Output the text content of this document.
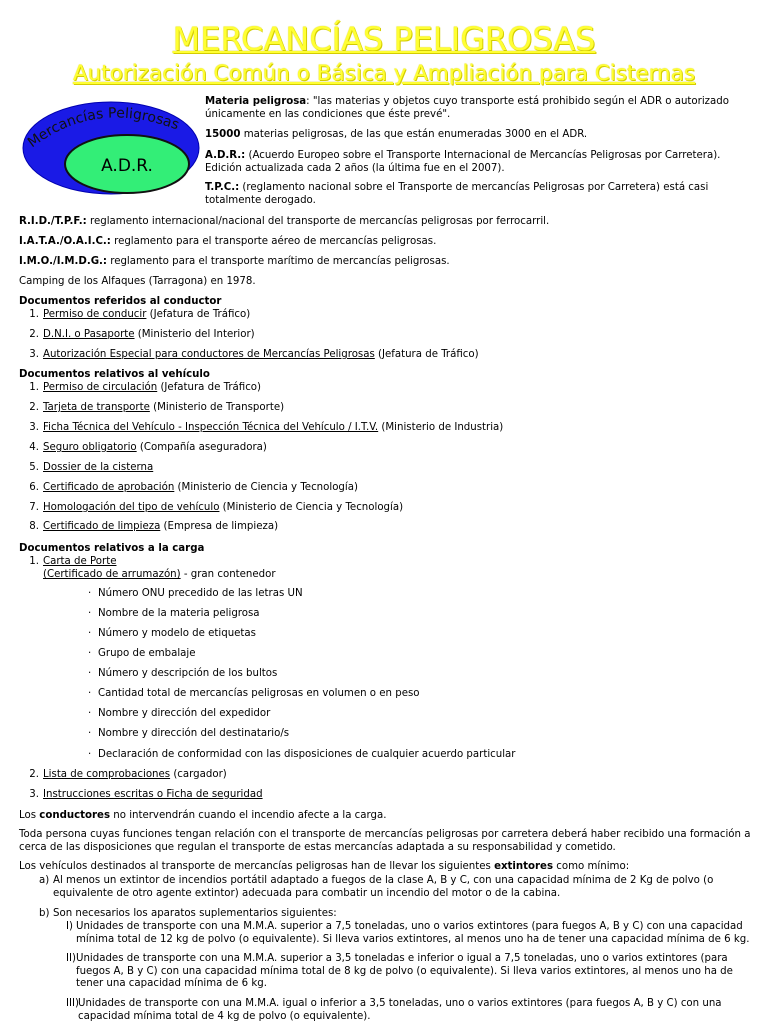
MERCANCÍAS PELIGROSAS
Autorización Común o Básica y Ampliación para Cisternas
Mercancías Peligrosas
A.D.R.
Materia peligrosa: "las materias y objetos cuyo transporte está prohibido según el ADR o autorizado únicamente en las condiciones que éste prevé".
15000 materias peligrosas, de las que están enumeradas 3000 en el ADR.
A.D.R.: (Acuerdo Europeo sobre el Transporte Internacional de Mercancías Peligrosas por Carretera). Edición actualizada cada 2 años (la última fue en el 2007).
T.P.C.: (reglamento nacional sobre el Transporte de mercancías Peligrosas por Carretera) está casi totalmente derogado.
R.I.D./T.P.F.: reglamento internacional/nacional del transporte de mercancías peligrosas por ferrocarril.
I.A.T.A./O.A.I.C.: reglamento para el transporte aéreo de mercancías peligrosas.
I.M.O./I.M.D.G.: reglamento para el transporte marítimo de mercancías peligrosas.
Camping de los Alfaques (Tarragona) en 1978.
Documentos referidos al conductor
1. Permiso de conducir (Jefatura de Tráfico)
2. D.N.I. o Pasaporte (Ministerio del Interior)
3. Autorización Especial para conductores de Mercancías Peligrosas (Jefatura de Tráfico)
Documentos relativos al vehículo
1. Permiso de circulación (Jefatura de Tráfico)
2. Tarjeta de transporte (Ministerio de Transporte)
3. Ficha Técnica del Vehículo - Inspección Técnica del Vehículo / I.T.V. (Ministerio de Industria)
4. Seguro obligatorio (Compañía aseguradora)
5. Dossier de la cisterna
6. Certificado de aprobación (Ministerio de Ciencia y Tecnología)
7. Homologación del tipo de vehículo (Ministerio de Ciencia y Tecnología)
8. Certificado de limpieza (Empresa de limpieza)
Documentos relativos a la carga
1. Carta de Porte
(Certificado de arrumazón) - gran contenedor
· Número ONU precedido de las letras UN
· Nombre de la materia peligrosa
· Número y modelo de etiquetas
· Grupo de embalaje
· Número y descripción de los bultos
· Cantidad total de mercancías peligrosas en volumen o en peso
· Nombre y dirección del expedidor
· Nombre y dirección del destinatario/s
· Declaración de conformidad con las disposiciones de cualquier acuerdo particular
2. Lista de comprobaciones (cargador)
3. Instrucciones escritas o Ficha de seguridad
Los conductores no intervendrán cuando el incendio afecte a la carga.
Toda persona cuyas funciones tengan relación con el transporte de mercancías peligrosas por carretera deberá haber recibido una formación a cerca de las disposiciones que regulan el transporte de estas mercancías adaptada a su responsabilidad y cometido.
Los vehículos destinados al transporte de mercancías peligrosas han de llevar los siguientes extintores como mínimo:
a) Al menos un extintor de incendios portátil adaptado a fuegos de la clase A, B y C, con una capacidad mínima de 2 Kg de polvo (o equivalente de otro agente extintor) adecuada para combatir un incendio del motor o de la cabina.
b) Son necesarios los aparatos suplementarios siguientes:
I) Unidades de transporte con una M.M.A. superior a 7,5 toneladas, uno o varios extintores (para fuegos A, B y C) con una capacidad mínima total de 12 kg de polvo (o equivalente). Si lleva varios extintores, al menos uno ha de tener una capacidad mínima de 6 kg.
II) Unidades de transporte con una M.M.A. superior a 3,5 toneladas e inferior o igual a 7,5 toneladas, uno o varios extintores (para fuegos A, B y C) con una capacidad mínima total de 8 kg de polvo (o equivalente). Si lleva varios extintores, al menos uno ha de tener una capacidad mínima de 6 kg.
III) Unidades de transporte con una M.M.A. igual o inferior a 3,5 toneladas, uno o varios extintores (para fuegos A, B y C) con una capacidad mínima total de 4 kg de polvo (o equivalente).
